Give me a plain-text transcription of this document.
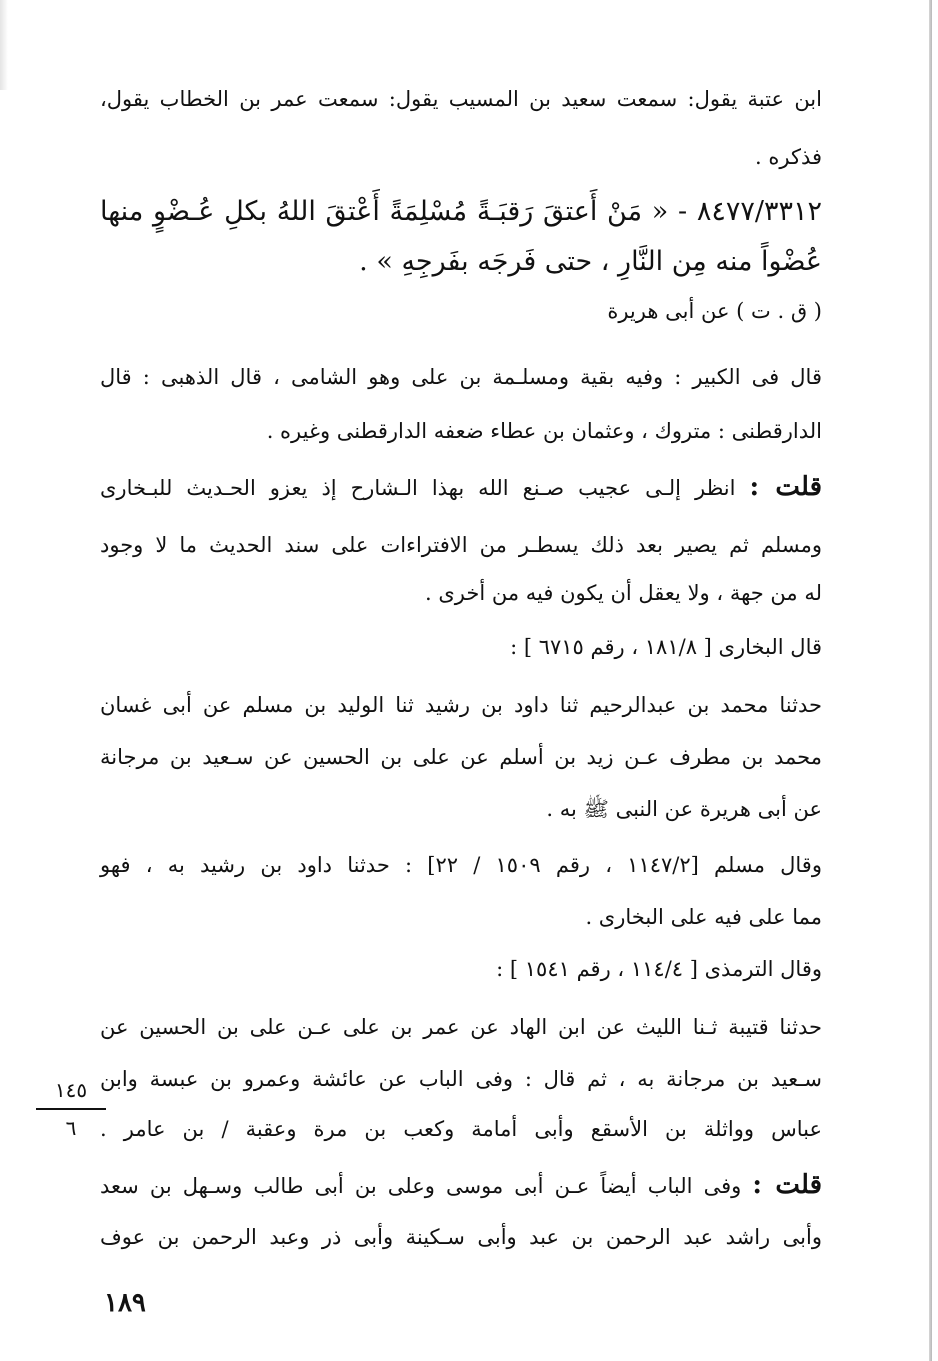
ابن عتبة يقول: سمعت سعيد بن المسيب يقول: سمعت عمر بن الخطاب يقول،
فذكره .
٨٤٧٧/٣٣١٢ - « مَنْ أَعتقَ رَقبَـةً مُسْلِمَةً أَعْتقَ اللهُ بكلِ عُـضْوٍ منها
عُضْواً منه مِن النَّارِ ، حتى فَرجَه بفَرجِهِ » .
( ق . ت ) عن أبى هريرة
قال فى الكبير : وفيه بقية ومسلـمة بن على وهو الشامى ، قال الذهبى : قال
الدارقطنى : متروك ، وعثمان بن عطاء ضعفه الدارقطنى وغيره .
قلت : انظر إلـى عجيب صـنع الله بهذا الـشارح إذ يعزو الحـديث للبـخارى
ومسلم ثم يصير بعد ذلك يسطـر من الافتراءات على سند الحديث ما لا وجود
له من جهة ، ولا يعقل أن يكون فيه من أخرى .
قال البخارى [ ١٨١/٨ ، رقم ٦٧١٥ ] :
حدثنا محمد بن عبدالرحيم ثنا داود بن رشيد ثنا الوليد بن مسلم عن أبى غسان
محمد بن مطرف عـن زيد بن أسلم عن على بن الحسين عن سـعيد بن مرجانة
عن أبى هريرة عن النبى ﷺ به .
وقال مسلم [١١٤٧/٢ ، رقم ١٥٠٩ / ٢٢] : حدثنا داود بن رشيد به ، فهو
مما على فيه على البخارى .
وقال الترمذى [ ١١٤/٤ ، رقم ١٥٤١ ] :
حدثنا قتيبة ثـنا الليث عن ابن الهاد عن عمر بن على عـن على بن الحسين عن
سـعيد بن مرجانة به ، ثم قال : وفى الباب عن عائشة وعمرو بن عبسة وابن
عباس وواثلة بن الأسقع وأبى أمامة وكعب بن مرة وعقبة / بن عامر .
قلت : وفى الباب أيضاً عـن أبى موسى وعلى بن أبى طالب وسـهل بن سعد
وأبى راشد عبد الرحمن بن عبد وأبى سـكينة وأبى ذر وعبد الرحمن بن عوف
١٤٥
٦
١٨٩
